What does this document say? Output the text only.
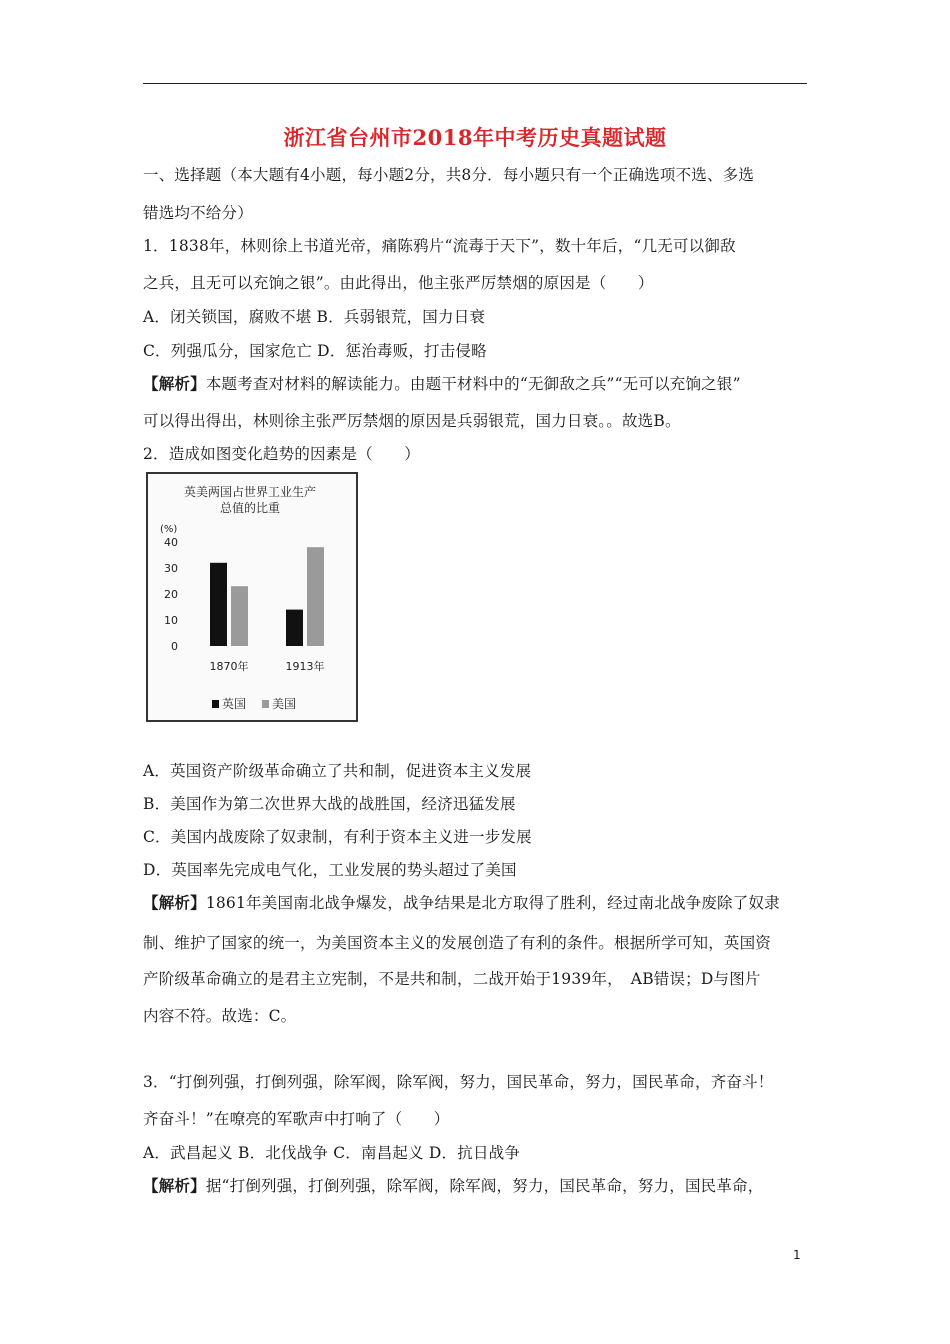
浙江省台州市2018年中考历史真题试题
一、选择题（本大题有4小题，每小题2分，共8分．每小题只有一个正确选项不选、多选
错选均不给分）
1．1838年，林则徐上书道光帝，痛陈鸦片“流毒于天下”，数十年后，“几无可以御敌
之兵，且无可以充饷之银”。由此得出，他主张严厉禁烟的原因是（　　）
A．闭关锁国，腐败不堪 B．兵弱银荒，国力日衰
C．列强瓜分，国家危亡 D．惩治毒贩，打击侵略
【解析】本题考查对材料的解读能力。由题干材料中的“无御敌之兵”“无可以充饷之银”
可以得出得出，林则徐主张严厉禁烟的原因是兵弱银荒，国力日衰。。故选B。
2．造成如图变化趋势的因素是（　　）
英美两国占世界工业生产
总值的比重
(%)
40
30
20
10
0
1870年	1913年
英国 美国
A．英国资产阶级革命确立了共和制，促进资本主义发展
B．美国作为第二次世界大战的战胜国，经济迅猛发展
C．美国内战废除了奴隶制，有利于资本主义进一步发展
D．英国率先完成电气化，工业发展的势头超过了美国
【解析】1861年美国南北战争爆发，战争结果是北方取得了胜利，经过南北战争废除了奴隶
制、维护了国家的统一，为美国资本主义的发展创造了有利的条件。根据所学可知，英国资
产阶级革命确立的是君主立宪制，不是共和制，二战开始于1939年，　AB错误；D与图片
内容不符。故选：C。
3．“打倒列强，打倒列强，除军阀，除军阀，努力，国民革命，努力，国民革命，齐奋斗！
齐奋斗！”在嘹亮的军歌声中打响了（　　）
A．武昌起义 B．北伐战争 C．南昌起义 D．抗日战争
【解析】据“打倒列强，打倒列强，除军阀，除军阀，努力，国民革命，努力，国民革命，
1
